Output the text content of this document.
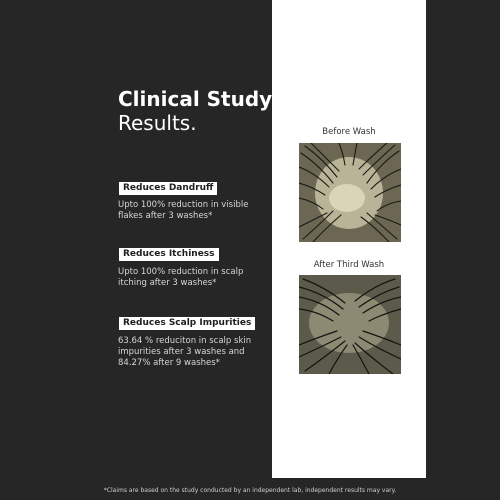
Clinical Study
Results.
Reduces Dandruff
Upto 100% reduction in visible flakes after 3 washes*
Reduces Itchiness
Upto 100% reduction in scalp itching after 3 washes*
Reduces Scalp Impurities
63.64 % reduciton in scalp skin impurities after 3 washes and 84.27% after 9 washes*
Before Wash
After Third Wash
*Claims are based on the study conducted by an independent lab, independent results may vary.
